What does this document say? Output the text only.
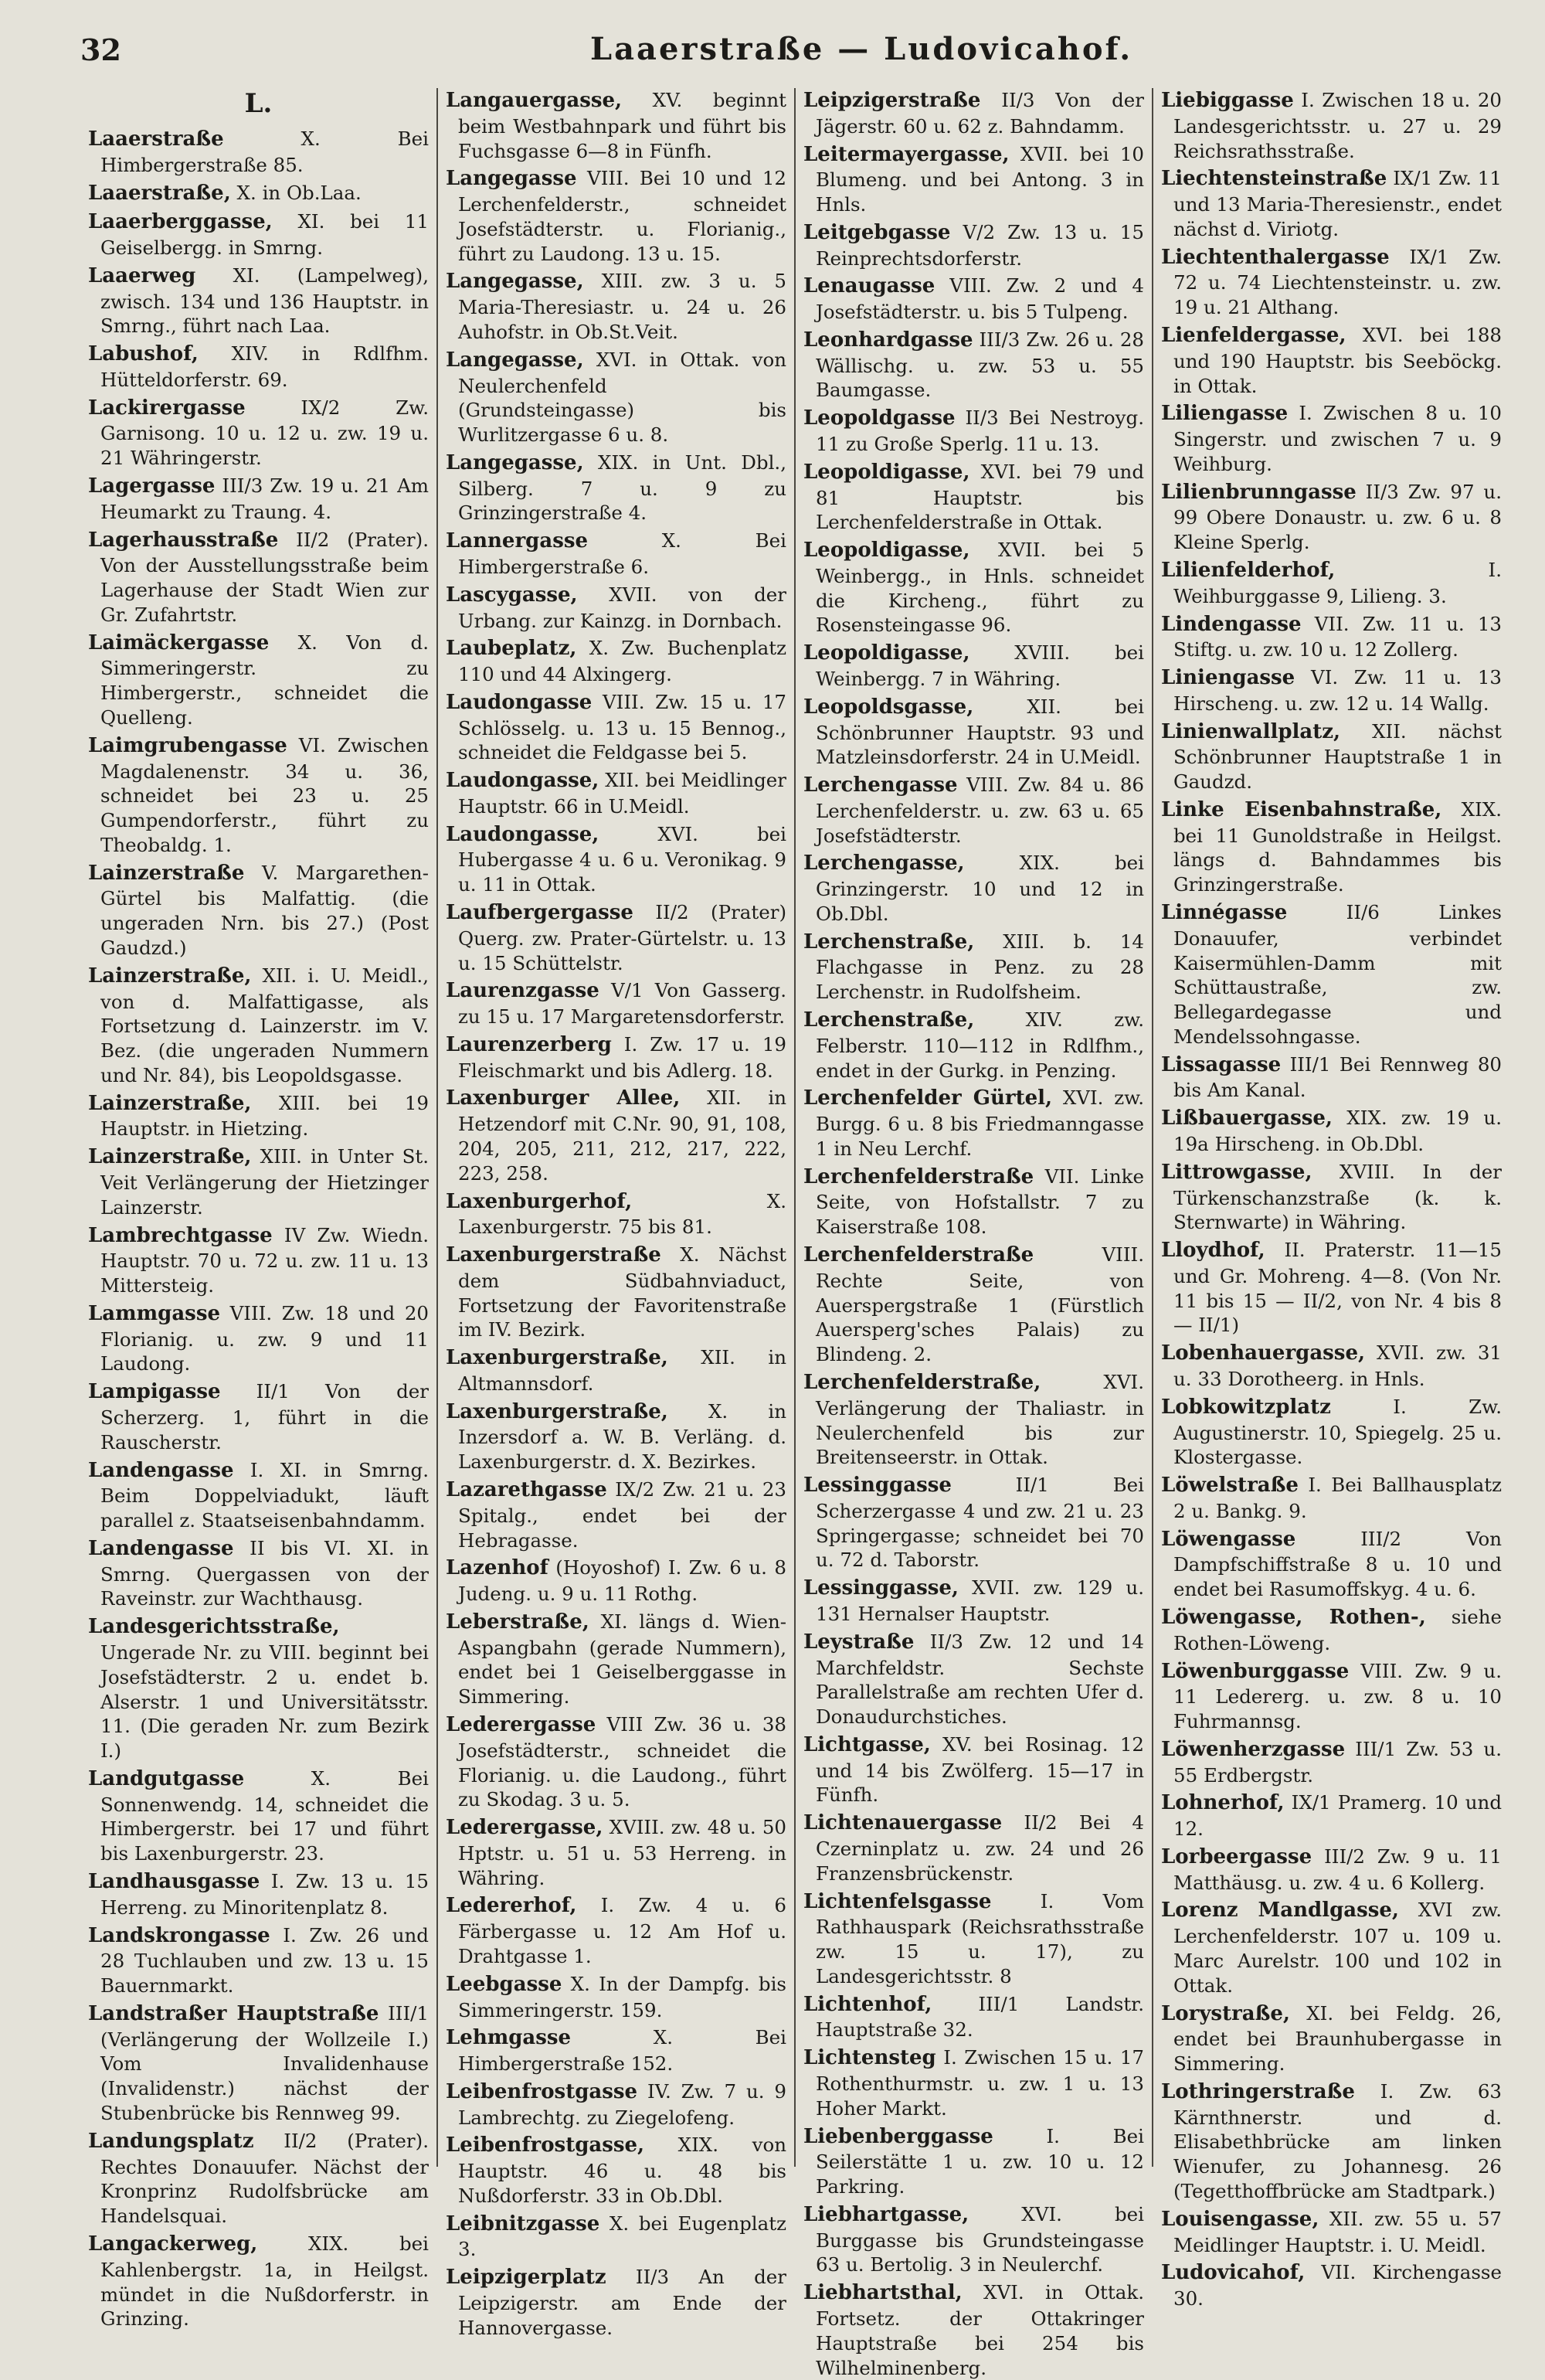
32	Laaerstraße — Ludovicahof.
L.
Laaerstraße X. Bei Himbergerstraße 85.
Laaerstraße, X. in Ob.Laa.
Laaerberggasse, XI. bei 11 Geiselbergg. in Smrng.
Laaerweg XI. (Lampelweg), zwisch. 134 und 136 Hauptstr. in Smrng., führt nach Laa.
Labushof, XIV. in Rdlfhm. Hütteldorferstr. 69.
Lackirergasse IX/2 Zw. Garnisong. 10 u. 12 u. zw. 19 u. 21 Währingerstr.
Lagergasse III/3 Zw. 19 u. 21 Am Heumarkt zu Traung. 4.
Lagerhausstraße II/2 (Prater). Von der Ausstellungsstraße beim Lagerhause der Stadt Wien zur Gr. Zufahrtstr.
Laimäckergasse X. Von d. Simmeringerstr. zu Himbergerstr., schneidet die Quelleng.
Laimgrubengasse VI. Zwischen Magdalenenstr. 34 u. 36, schneidet bei 23 u. 25 Gumpendorferstr., führt zu Theobaldg. 1.
Lainzerstraße V. Margarethen-Gürtel bis Malfattig. (die ungeraden Nrn. bis 27.) (Post Gaudzd.)
Lainzerstraße, XII. i. U. Meidl., von d. Malfattigasse, als Fortsetzung d. Lainzerstr. im V. Bez. (die ungeraden Nummern und Nr. 84), bis Leopoldsgasse.
Lainzerstraße, XIII. bei 19 Hauptstr. in Hietzing.
Lainzerstraße, XIII. in Unter St. Veit Verlängerung der Hietzinger Lainzerstr.
Lambrechtgasse IV Zw. Wiedn. Hauptstr. 70 u. 72 u. zw. 11 u. 13 Mittersteig.
Lammgasse VIII. Zw. 18 und 20 Florianig. u. zw. 9 und 11 Laudong.
Lampigasse II/1 Von der Scherzerg. 1, führt in die Rauscherstr.
Landengasse I. XI. in Smrng. Beim Doppelviadukt, läuft parallel z. Staatseisenbahndamm.
Landengasse II bis VI. XI. in Smrng. Quergassen von der Raveinstr. zur Wachthausg.
Landesgerichtsstraße, Ungerade Nr. zu VIII. beginnt bei Josefstädterstr. 2 u. endet b. Alserstr. 1 und Universitätsstr. 11. (Die geraden Nr. zum Bezirk I.)
Landgutgasse X. Bei Sonnenwendg. 14, schneidet die Himbergerstr. bei 17 und führt bis Laxenburgerstr. 23.
Landhausgasse I. Zw. 13 u. 15 Herreng. zu Minoritenplatz 8.
Landskrongasse I. Zw. 26 und 28 Tuchlauben und zw. 13 u. 15 Bauernmarkt.
Landstraßer Hauptstraße III/1 (Verlängerung der Wollzeile I.) Vom Invalidenhause (Invalidenstr.) nächst der Stubenbrücke bis Rennweg 99.
Landungsplatz II/2 (Prater). Rechtes Donauufer. Nächst der Kronprinz Rudolfsbrücke am Handelsquai.
Langackerweg, XIX. bei Kahlenbergstr. 1a, in Heilgst. mündet in die Nußdorferstr. in Grinzing.
Langauergasse, XV. beginnt beim Westbahnpark und führt bis Fuchsgasse 6—8 in Fünfh.
Langegasse VIII. Bei 10 und 12 Lerchenfelderstr., schneidet Josefstädterstr. u. Florianig., führt zu Laudong. 13 u. 15.
Langegasse, XIII. zw. 3 u. 5 Maria-Theresiastr. u. 24 u. 26 Auhofstr. in Ob.St.Veit.
Langegasse, XVI. in Ottak. von Neulerchenfeld (Grundsteingasse) bis Wurlitzergasse 6 u. 8.
Langegasse, XIX. in Unt. Dbl., Silberg. 7 u. 9 zu Grinzingerstraße 4.
Lannergasse X. Bei Himbergerstraße 6.
Lascygasse, XVII. von der Urbang. zur Kainzg. in Dornbach.
Laubeplatz, X. Zw. Buchenplatz 110 und 44 Alxingerg.
Laudongasse VIII. Zw. 15 u. 17 Schlösselg. u. 13 u. 15 Bennog., schneidet die Feldgasse bei 5.
Laudongasse, XII. bei Meidlinger Hauptstr. 66 in U.Meidl.
Laudongasse, XVI. bei Hubergasse 4 u. 6 u. Veronikag. 9 u. 11 in Ottak.
Laufbergergasse II/2 (Prater) Querg. zw. Prater-Gürtelstr. u. 13 u. 15 Schüttelstr.
Laurenzgasse V/1 Von Gasserg. zu 15 u. 17 Margaretensdorferstr.
Laurenzerberg I. Zw. 17 u. 19 Fleischmarkt und bis Adlerg. 18.
Laxenburger Allee, XII. in Hetzendorf mit C.Nr. 90, 91, 108, 204, 205, 211, 212, 217, 222, 223, 258.
Laxenburgerhof, X. Laxenburgerstr. 75 bis 81.
Laxenburgerstraße X. Nächst dem Südbahnviaduct, Fortsetzung der Favoritenstraße im IV. Bezirk.
Laxenburgerstraße, XII. in Altmannsdorf.
Laxenburgerstraße, X. in Inzersdorf a. W. B. Verläng. d. Laxenburgerstr. d. X. Bezirkes.
Lazarethgasse IX/2 Zw. 21 u. 23 Spitalg., endet bei der Hebragasse.
Lazenhof (Hoyoshof) I. Zw. 6 u. 8 Judeng. u. 9 u. 11 Rothg.
Leberstraße, XI. längs d. Wien-Aspangbahn (gerade Nummern), endet bei 1 Geiselberggasse in Simmering.
Lederergasse VIII Zw. 36 u. 38 Josefstädterstr., schneidet die Florianig. u. die Laudong., führt zu Skodag. 3 u. 5.
Lederergasse, XVIII. zw. 48 u. 50 Hptstr. u. 51 u. 53 Herreng. in Währing.
Ledererhof, I. Zw. 4 u. 6 Färbergasse u. 12 Am Hof u. Drahtgasse 1.
Leebgasse X. In der Dampfg. bis Simmeringerstr. 159.
Lehmgasse X. Bei Himbergerstraße 152.
Leibenfrostgasse IV. Zw. 7 u. 9 Lambrechtg. zu Ziegelofeng.
Leibenfrostgasse, XIX. von Hauptstr. 46 u. 48 bis Nußdorferstr. 33 in Ob.Dbl.
Leibnitzgasse X. bei Eugenplatz 3.
Leipzigerplatz II/3 An der Leipzigerstr. am Ende der Hannovergasse.
Leipzigerstraße II/3 Von der Jägerstr. 60 u. 62 z. Bahndamm.
Leitermayergasse, XVII. bei 10 Blumeng. und bei Antong. 3 in Hnls.
Leitgebgasse V/2 Zw. 13 u. 15 Reinprechtsdorferstr.
Lenaugasse VIII. Zw. 2 und 4 Josefstädterstr. u. bis 5 Tulpeng.
Leonhardgasse III/3 Zw. 26 u. 28 Wällischg. u. zw. 53 u. 55 Baumgasse.
Leopoldgasse II/3 Bei Nestroyg. 11 zu Große Sperlg. 11 u. 13.
Leopoldigasse, XVI. bei 79 und 81 Hauptstr. bis Lerchenfelderstraße in Ottak.
Leopoldigasse, XVII. bei 5 Weinbergg., in Hnls. schneidet die Kircheng., führt zu Rosensteingasse 96.
Leopoldigasse, XVIII. bei Weinbergg. 7 in Währing.
Leopoldsgasse, XII. bei Schönbrunner Hauptstr. 93 und Matzleinsdorferstr. 24 in U.Meidl.
Lerchengasse VIII. Zw. 84 u. 86 Lerchenfelderstr. u. zw. 63 u. 65 Josefstädterstr.
Lerchengasse, XIX. bei Grinzingerstr. 10 und 12 in Ob.Dbl.
Lerchenstraße, XIII. b. 14 Flachgasse in Penz. zu 28 Lerchenstr. in Rudolfsheim.
Lerchenstraße, XIV. zw. Felberstr. 110—112 in Rdlfhm., endet in der Gurkg. in Penzing.
Lerchenfelder Gürtel, XVI. zw. Burgg. 6 u. 8 bis Friedmanngasse 1 in Neu Lerchf.
Lerchenfelderstraße VII. Linke Seite, von Hofstallstr. 7 zu Kaiserstraße 108.
Lerchenfelderstraße VIII. Rechte Seite, von Auerspergstraße 1 (Fürstlich Auersperg'sches Palais) zu Blindeng. 2.
Lerchenfelderstraße, XVI. Verlängerung der Thaliastr. in Neulerchenfeld bis zur Breitenseerstr. in Ottak.
Lessinggasse II/1 Bei Scherzergasse 4 und zw. 21 u. 23 Springergasse; schneidet bei 70 u. 72 d. Taborstr.
Lessinggasse, XVII. zw. 129 u. 131 Hernalser Hauptstr.
Leystraße II/3 Zw. 12 und 14 Marchfeldstr. Sechste Parallelstraße am rechten Ufer d. Donaudurchstiches.
Lichtgasse, XV. bei Rosinag. 12 und 14 bis Zwölferg. 15—17 in Fünfh.
Lichtenauergasse II/2 Bei 4 Czerninplatz u. zw. 24 und 26 Franzensbrückenstr.
Lichtenfelsgasse I. Vom Rathhauspark (Reichsrathsstraße zw. 15 u. 17), zu Landesgerichtsstr. 8
Lichtenhof, III/1 Landstr. Hauptstraße 32.
Lichtensteg I. Zwischen 15 u. 17 Rothenthurmstr. u. zw. 1 u. 13 Hoher Markt.
Liebenberggasse I. Bei Seilerstätte 1 u. zw. 10 u. 12 Parkring.
Liebhartgasse, XVI. bei Burggasse bis Grundsteingasse 63 u. Bertolig. 3 in Neulerchf.
Liebhartsthal, XVI. in Ottak. Fortsetz. der Ottakringer Hauptstraße bei 254 bis Wilhelminenberg.
Liebiggasse I. Zwischen 18 u. 20 Landesgerichtsstr. u. 27 u. 29 Reichsrathsstraße.
Liechtensteinstraße IX/1 Zw. 11 und 13 Maria-Theresienstr., endet nächst d. Viriotg.
Liechtenthalergasse IX/1 Zw. 72 u. 74 Liechtensteinstr. u. zw. 19 u. 21 Althang.
Lienfeldergasse, XVI. bei 188 und 190 Hauptstr. bis Seeböckg. in Ottak.
Liliengasse I. Zwischen 8 u. 10 Singerstr. und zwischen 7 u. 9 Weihburg.
Lilienbrunngasse II/3 Zw. 97 u. 99 Obere Donaustr. u. zw. 6 u. 8 Kleine Sperlg.
Lilienfelderhof, I. Weihburggasse 9, Lilieng. 3.
Lindengasse VII. Zw. 11 u. 13 Stiftg. u. zw. 10 u. 12 Zollerg.
Liniengasse VI. Zw. 11 u. 13 Hirscheng. u. zw. 12 u. 14 Wallg.
Linienwallplatz, XII. nächst Schönbrunner Hauptstraße 1 in Gaudzd.
Linke Eisenbahnstraße, XIX. bei 11 Gunoldstraße in Heilgst. längs d. Bahndammes bis Grinzingerstraße.
Linnégasse II/6 Linkes Donauufer, verbindet Kaisermühlen-Damm mit Schüttaustraße, zw. Bellegardegasse und Mendelssohngasse.
Lissagasse III/1 Bei Rennweg 80 bis Am Kanal.
Lißbauergasse, XIX. zw. 19 u. 19a Hirscheng. in Ob.Dbl.
Littrowgasse, XVIII. In der Türkenschanzstraße (k. k. Sternwarte) in Währing.
Lloydhof, II. Praterstr. 11—15 und Gr. Mohreng. 4—8. (Von Nr. 11 bis 15 — II/2, von Nr. 4 bis 8 — II/1)
Lobenhauergasse, XVII. zw. 31 u. 33 Dorotheerg. in Hnls.
Lobkowitzplatz I. Zw. Augustinerstr. 10, Spiegelg. 25 u. Klostergasse.
Löwelstraße I. Bei Ballhausplatz 2 u. Bankg. 9.
Löwengasse III/2 Von Dampfschiffstraße 8 u. 10 und endet bei Rasumoffskyg. 4 u. 6.
Löwengasse, Rothen-, siehe Rothen-Löweng.
Löwenburggasse VIII. Zw. 9 u. 11 Ledererg. u. zw. 8 u. 10 Fuhrmannsg.
Löwenherzgasse III/1 Zw. 53 u. 55 Erdbergstr.
Lohnerhof, IX/1 Pramerg. 10 und 12.
Lorbeergasse III/2 Zw. 9 u. 11 Matthäusg. u. zw. 4 u. 6 Kollerg.
Lorenz Mandlgasse, XVI zw. Lerchenfelderstr. 107 u. 109 u. Marc Aurelstr. 100 und 102 in Ottak.
Lorystraße, XI. bei Feldg. 26, endet bei Braunhubergasse in Simmering.
Lothringerstraße I. Zw. 63 Kärnthnerstr. und d. Elisabethbrücke am linken Wienufer, zu Johannesg. 26 (Tegetthoffbrücke am Stadtpark.)
Louisengasse, XII. zw. 55 u. 57 Meidlinger Hauptstr. i. U. Meidl.
Ludovicahof, VII. Kirchengasse 30.
